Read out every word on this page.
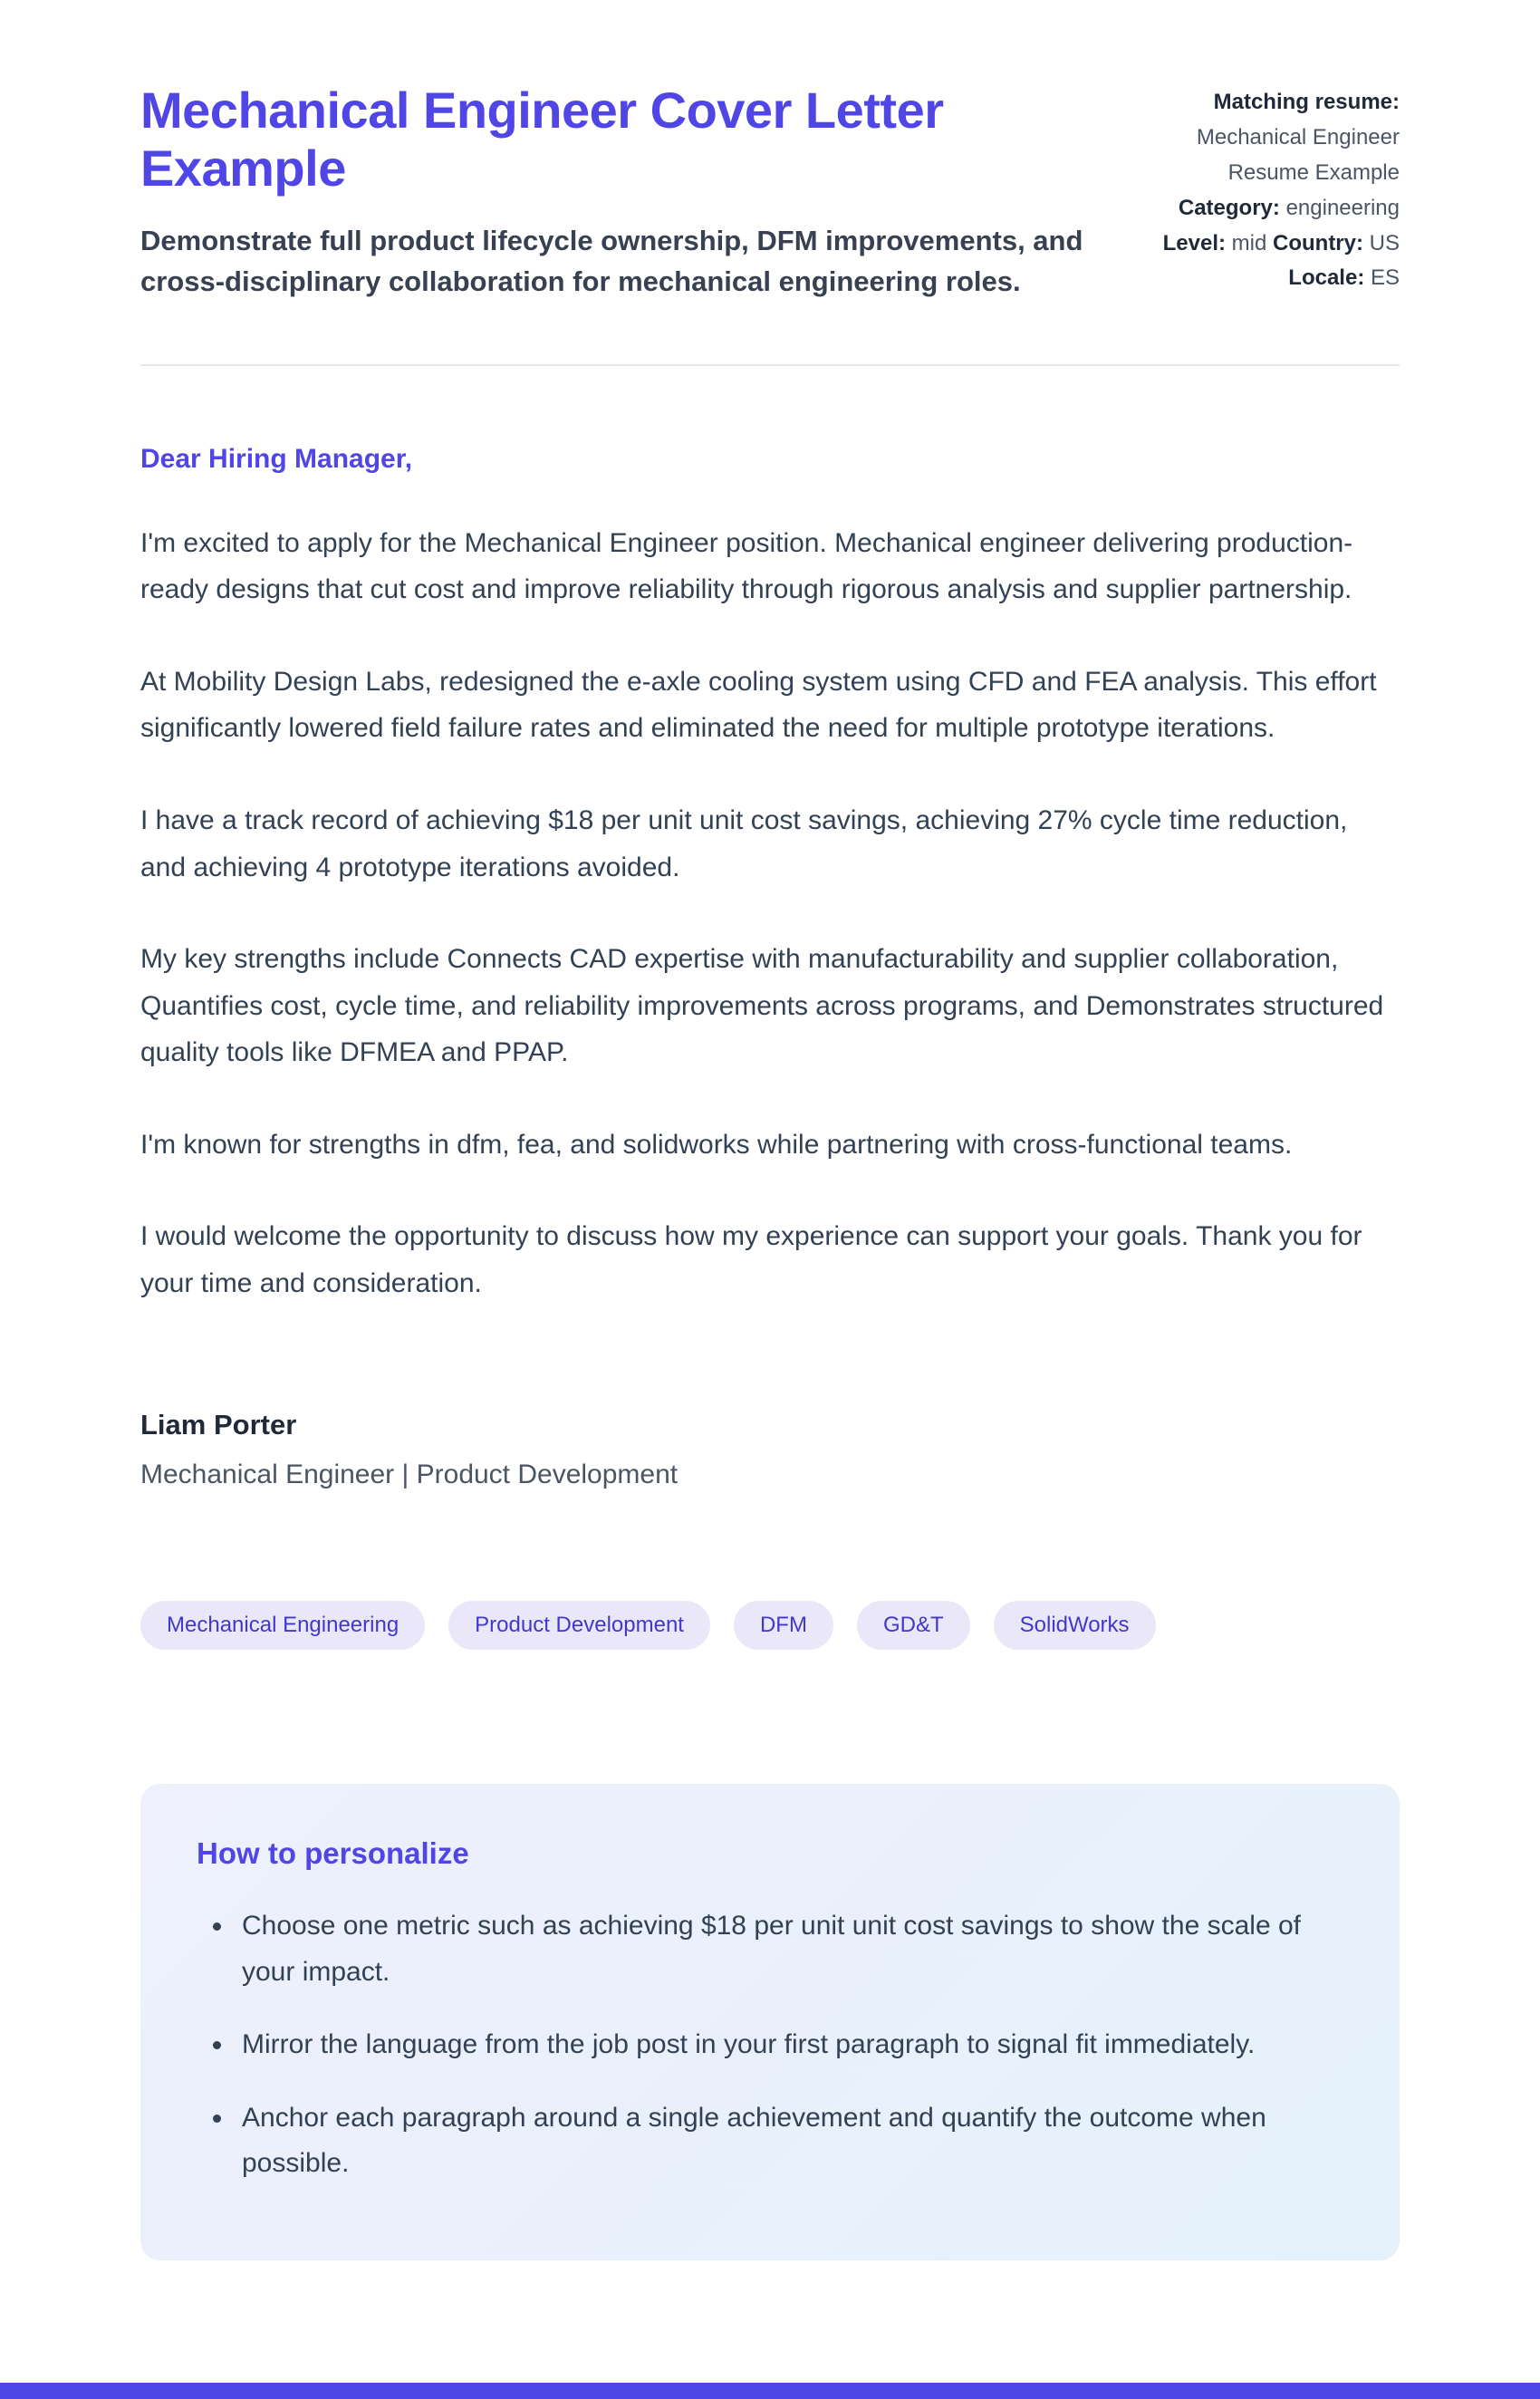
Mechanical Engineer Cover Letter Example

Demonstrate full product lifecycle ownership, DFM improvements, and cross-disciplinary collaboration for mechanical engineering roles.

Matching resume: Mechanical Engineer Resume Example Category: engineering Level: mid Country: US Locale: ES

Dear Hiring Manager,

I'm excited to apply for the Mechanical Engineer position. Mechanical engineer delivering production-ready designs that cut cost and improve reliability through rigorous analysis and supplier partnership.

At Mobility Design Labs, redesigned the e-axle cooling system using CFD and FEA analysis. This effort significantly lowered field failure rates and eliminated the need for multiple prototype iterations.

I have a track record of achieving $18 per unit unit cost savings, achieving 27% cycle time reduction, and achieving 4 prototype iterations avoided.

My key strengths include Connects CAD expertise with manufacturability and supplier collaboration, Quantifies cost, cycle time, and reliability improvements across programs, and Demonstrates structured quality tools like DFMEA and PPAP.

I'm known for strengths in dfm, fea, and solidworks while partnering with cross-functional teams.

I would welcome the opportunity to discuss how my experience can support your goals. Thank you for your time and consideration.

Liam Porter

Mechanical Engineer | Product Development

Mechanical Engineering	Product Development	DFM	GD&T	SolidWorks
How to personalize
• Choose one metric such as achieving $18 per unit unit cost savings to show the scale of your impact.
• Mirror the language from the job post in your first paragraph to signal fit immediately.
• Anchor each paragraph around a single achievement and quantify the outcome when possible.
